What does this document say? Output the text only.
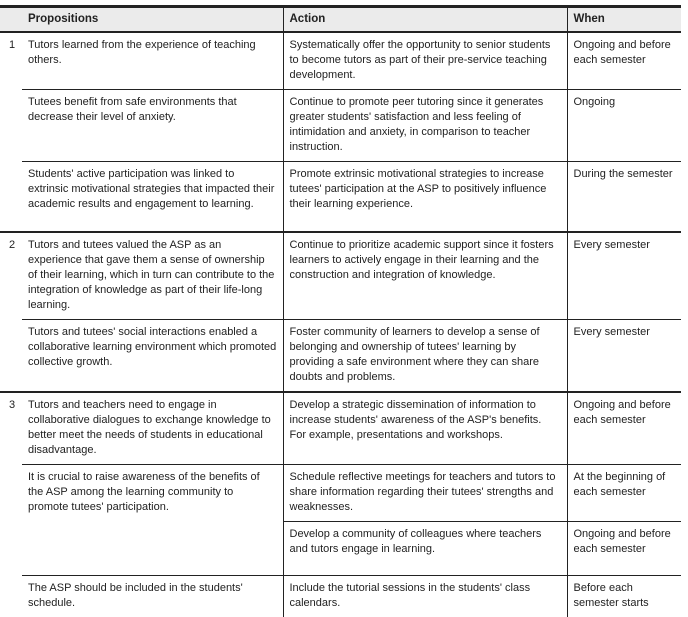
	Propositions	Action	When
1	Tutors learned from the experience of teaching others.	Systematically offer the opportunity to senior students to become tutors as part of their pre-service teaching development.	Ongoing and before each semester
	Tutees benefit from safe environments that decrease their level of anxiety.	Continue to promote peer tutoring since it generates greater students' satisfaction and less feeling of intimidation and anxiety, in comparison to teacher instruction.	Ongoing
	Students' active participation was linked to extrinsic motivational strategies that impacted their academic results and engagement to learning.	Promote extrinsic motivational strategies to increase tutees' participation at the ASP to positively influence their learning experience.	During the semester
2	Tutors and tutees valued the ASP as an experience that gave them a sense of ownership of their learning, which in turn can contribute to the integration of knowledge as part of their life-long learning.	Continue to prioritize academic support since it fosters learners to actively engage in their learning and the construction and integration of knowledge.	Every semester
	Tutors and tutees' social interactions enabled a collaborative learning environment which promoted collective growth.	Foster community of learners to develop a sense of belonging and ownership of tutees' learning by providing a safe environment where they can share doubts and problems.	Every semester
3	Tutors and teachers need to engage in collaborative dialogues to exchange knowledge to better meet the needs of students in educational disadvantage.	Develop a strategic dissemination of information to increase students' awareness of the ASP's benefits. For example, presentations and workshops.	Ongoing and before each semester
	It is crucial to raise awareness of the benefits of the ASP among the learning community to promote tutees' participation.	Schedule reflective meetings for teachers and tutors to share information regarding their tutees' strengths and weaknesses.	At the beginning of each semester
		Develop a community of colleagues where teachers and tutors engage in learning.	Ongoing and before each semester
	The ASP should be included in the students' schedule.	Include the tutorial sessions in the students' class calendars.	Before each semester starts
